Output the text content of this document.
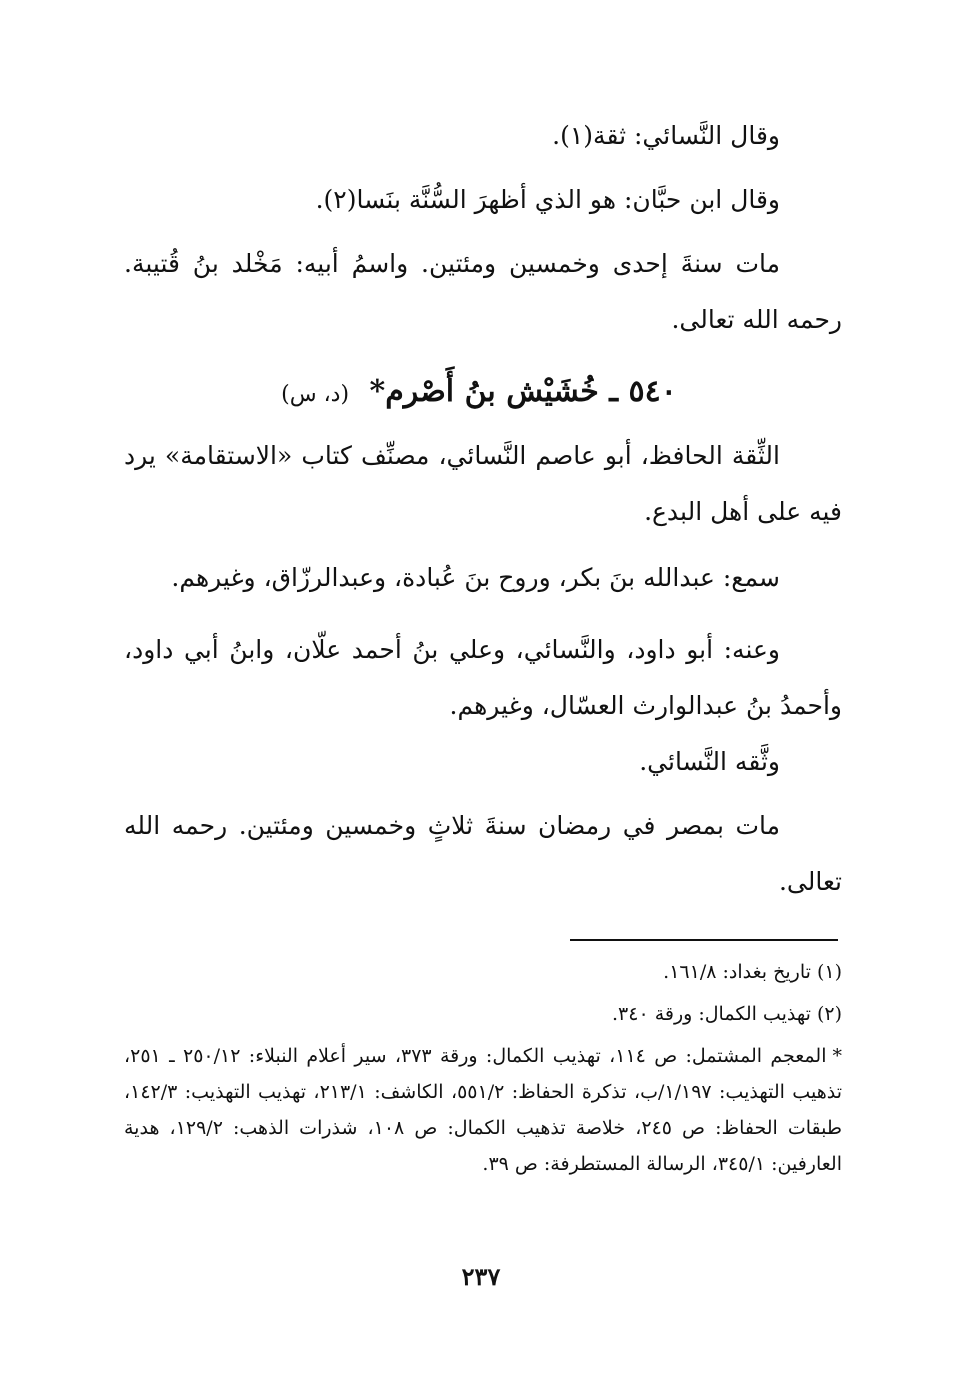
وقال النَّسائي: ثقة(١).

وقال ابن حبَّان: هو الذي أظهرَ السُّنَّة بنَسا(٢).

مات سنةَ إحدى وخمسين ومئتين. واسمُ أبيه: مَخْلد بنُ قُتيبة. رحمه الله تعالى.

٥٤٠ ـ خُشَيْش بنُ أَصْرم* (د، س)

الثِّقة الحافظ، أبو عاصم النَّسائي، مصنِّف كتاب «الاستقامة» يرد فيه على أهل البدع.

سمع: عبدالله بنَ بكر، وروح بنَ عُبادة، وعبدالرزّاق، وغيرهم.

وعنه: أبو داود، والنَّسائي، وعلي بنُ أحمد علّان، وابنُ أبي داود، وأحمدُ بنُ عبدالوارث العسّال، وغيرهم.

وثَّقه النَّسائي.

مات بمصر في رمضان سنةَ ثلاثٍ وخمسين ومئتين. رحمه الله تعالى.

(١) تاريخ بغداد: ١٦١/٨.

(٢) تهذيب الكمال: ورقة ٣٤٠.

*المعجم المشتمل: ص ١١٤، تهذيب الكمال: ورقة ٣٧٣، سير أعلام النبلاء: ٢٥٠/١٢ ـ ٢٥١، تذهيب التهذيب: ١/١٩٧/ب، تذكرة الحفاظ: ٥٥١/٢، الكاشف: ٢١٣/١، تهذيب التهذيب: ١٤٢/٣، طبقات الحفاظ: ص ٢٤٥، خلاصة تذهيب الكمال: ص ١٠٨، شذرات الذهب: ١٢٩/٢، هدية العارفين: ٣٤٥/١، الرسالة المستطرفة: ص ٣٩.

٢٣٧
